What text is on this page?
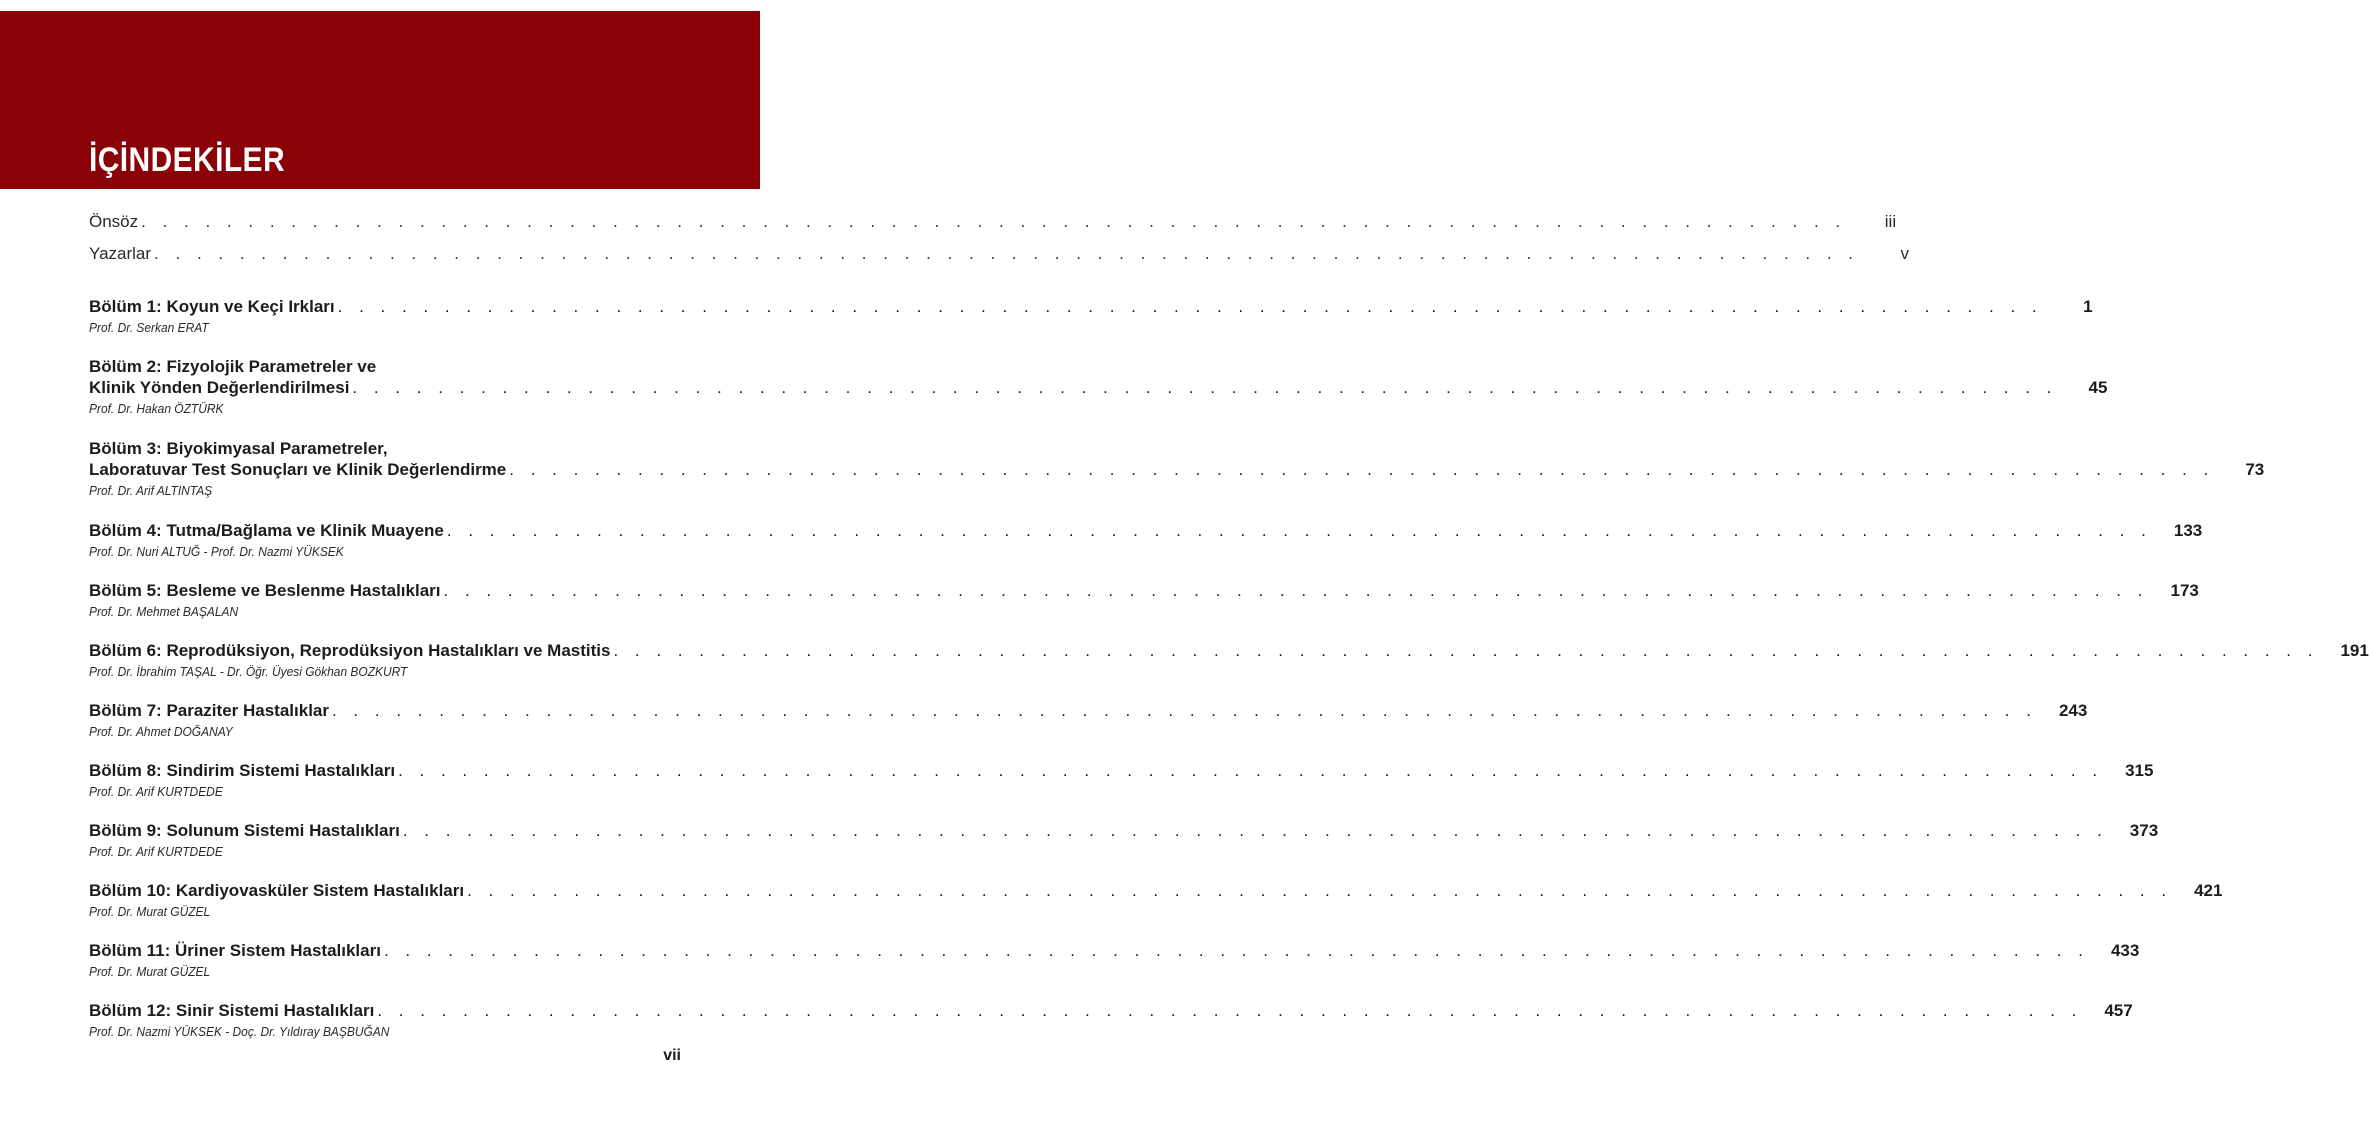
İÇİNDEKİLER
Önsöz . . . . . . . . . . . . . . . . . . . . . . . . . . . . . . . . . . . . . . . . . . . . . . . . . . . . . . . . . . . . . . . . . . . . . . . . . . . . . . . .	iii
Yazarlar . . . . . . . . . . . . . . . . . . . . . . . . . . . . . . . . . . . . . . . . . . . . . . . . . . . . . . . . . . . . . . . . . . . . . . . . . . . . . . . .	v
Bölüm 1: Koyun ve Keçi Irkları . . . . . . . . . . . . . . . . . . . . . . . . . . . . . . . . . . . . . . . . . . . . . . . . . . . . . . . . . . . . . . . . . . . . . . . . . . . . . . . .	1
Prof. Dr. Serkan ERAT
Bölüm 2: Fizyolojik Parametreler ve
Klinik Yönden Değerlendirilmesi . . . . . . . . . . . . . . . . . . . . . . . . . . . . . . . . . . . . . . . . . . . . . . . . . . . . . . . . . . . . . . . . . . . . . . . . . . . . . . . .	45
Prof. Dr. Hakan ÖZTÜRK
Bölüm 3: Biyokimyasal Parametreler,
Laboratuvar Test Sonuçları ve Klinik Değerlendirme . . . . . . . . . . . . . . . . . . . . . . . . . . . . . . . . . . . . . . . . . . . . . . . . . . . . . . . . . . . . . . . . . . . . . . . . . . . . . . . .	73
Prof. Dr. Arif ALTINTAŞ
Bölüm 4: Tutma/Bağlama ve Klinik Muayene . . . . . . . . . . . . . . . . . . . . . . . . . . . . . . . . . . . . . . . . . . . . . . . . . . . . . . . . . . . . . . . . . . . . . . . . . . . . . . . . 133
Prof. Dr. Nuri ALTUĞ - Prof. Dr. Nazmi YÜKSEK
Bölüm 5: Besleme ve Beslenme Hastalıkları . . . . . . . . . . . . . . . . . . . . . . . . . . . . . . . . . . . . . . . . . . . . . . . . . . . . . . . . . . . . . . . . . . . . . . . . . . . . . . . . 173
Prof. Dr. Mehmet BAŞALAN
Bölüm 6: Reprodüksiyon, Reprodüksiyon Hastalıkları ve Mastitis . . . . . . . . . . . . . . . . . . . . . . . . . . . . . . . . . . . . . . . . . . . . . . . . . . . . . . . . . . . . . . . . . . . . . . . . . . . . . . . . 191
Prof. Dr. İbrahim TAŞAL - Dr. Öğr. Üyesi Gökhan BOZKURT
Bölüm 7: Paraziter Hastalıklar . . . . . . . . . . . . . . . . . . . . . . . . . . . . . . . . . . . . . . . . . . . . . . . . . . . . . . . . . . . . . . . . . . . . . . . . . . . . . . . . 243
Prof. Dr. Ahmet DOĞANAY
Bölüm 8: Sindirim Sistemi Hastalıkları . . . . . . . . . . . . . . . . . . . . . . . . . . . . . . . . . . . . . . . . . . . . . . . . . . . . . . . . . . . . . . . . . . . . . . . . . . . . . . . . 315
Prof. Dr. Arif KURTDEDE
Bölüm 9: Solunum Sistemi Hastalıkları . . . . . . . . . . . . . . . . . . . . . . . . . . . . . . . . . . . . . . . . . . . . . . . . . . . . . . . . . . . . . . . . . . . . . . . . . . . . . . . . 373
Prof. Dr. Arif KURTDEDE
Bölüm 10: Kardiyovasküler Sistem Hastalıkları . . . . . . . . . . . . . . . . . . . . . . . . . . . . . . . . . . . . . . . . . . . . . . . . . . . . . . . . . . . . . . . . . . . . . . . . . . . . . . . . 421
Prof. Dr. Murat GÜZEL
Bölüm 11: Üriner Sistem Hastalıkları . . . . . . . . . . . . . . . . . . . . . . . . . . . . . . . . . . . . . . . . . . . . . . . . . . . . . . . . . . . . . . . . . . . . . . . . . . . . . . . . 433
Prof. Dr. Murat GÜZEL
Bölüm 12: Sinir Sistemi Hastalıkları . . . . . . . . . . . . . . . . . . . . . . . . . . . . . . . . . . . . . . . . . . . . . . . . . . . . . . . . . . . . . . . . . . . . . . . . . . . . . . . . 457
Prof. Dr. Nazmi YÜKSEK - Doç. Dr. Yıldıray BAŞBUĞAN
vii
